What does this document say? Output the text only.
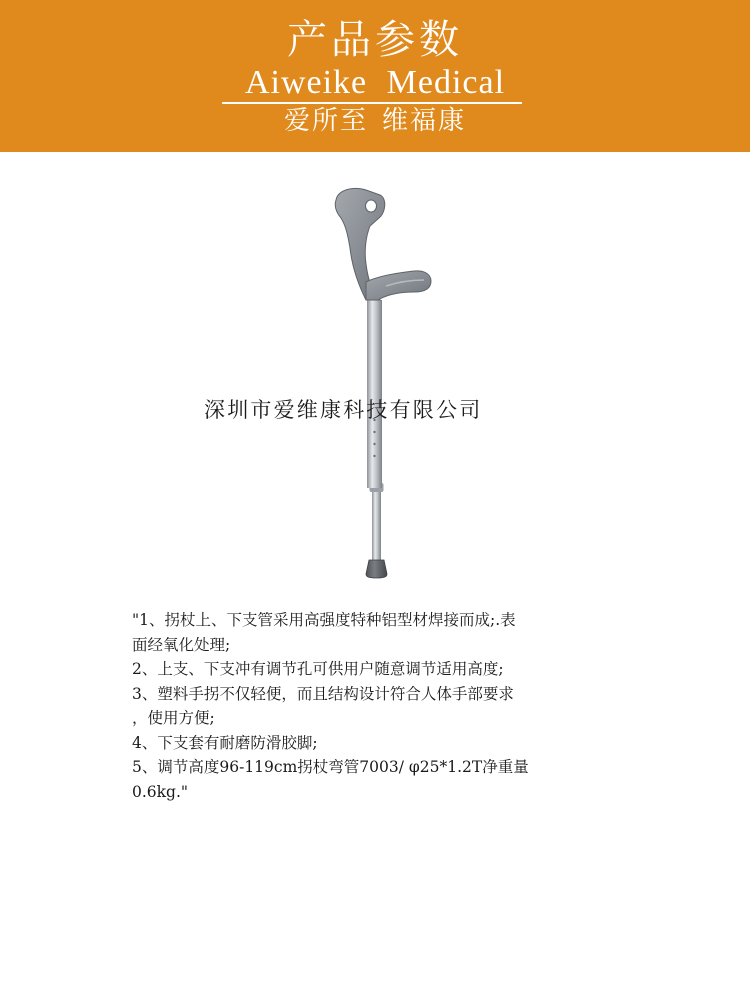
产品参数
Aiweike Medical
爱所至 维福康
深圳市爱维康科技有限公司
"1、拐杖上、下支管采用高强度特种铝型材焊接而成;.表
面经氧化处理;
2、上支、下支冲有调节孔可供用户随意调节适用高度;
3、塑料手拐不仅轻便，而且结构设计符合人体手部要求
，使用方便;
4、下支套有耐磨防滑胶脚;
5、调节高度96-119cm拐杖弯管7003/ φ25*1.2T净重量
0.6kg."
